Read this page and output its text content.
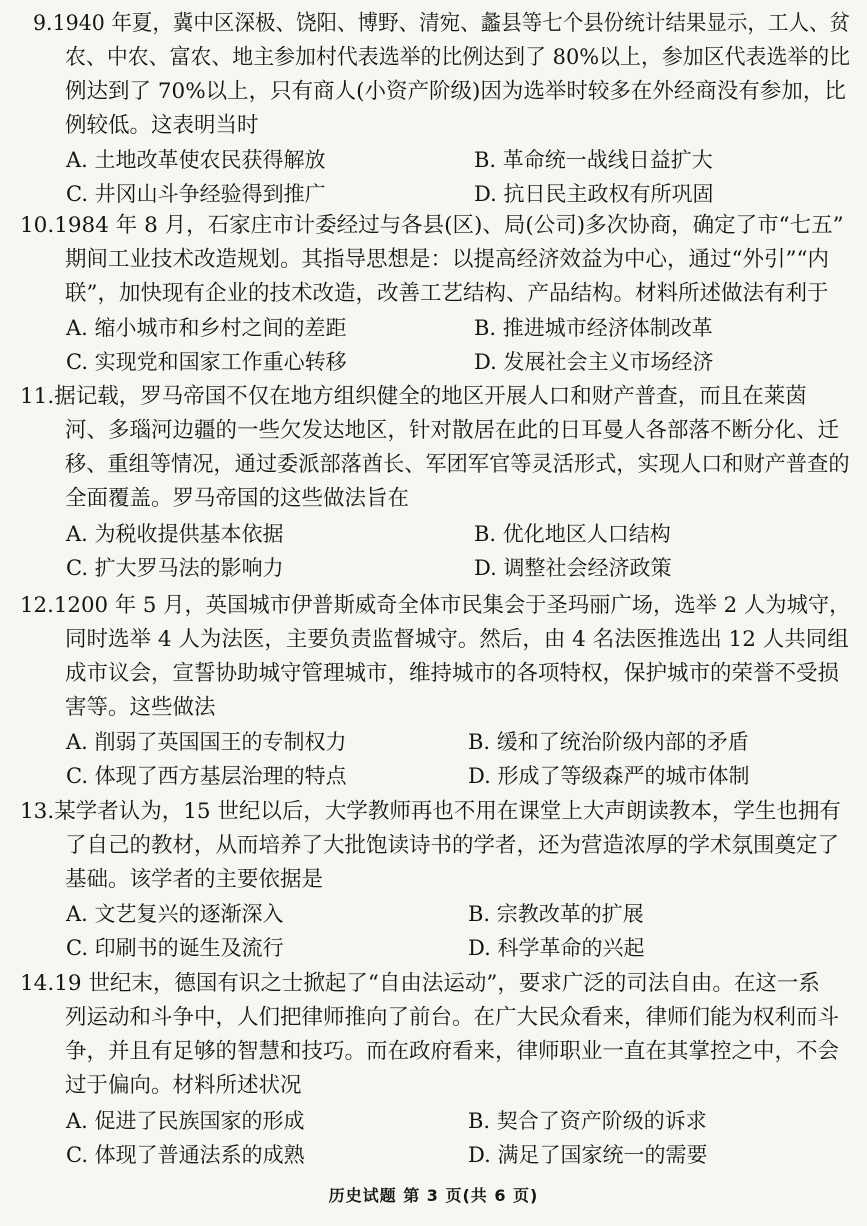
9.1940 年夏，冀中区深极、饶阳、博野、清宛、蠡县等七个县份统计结果显示，工人、贫
农、中农、富农、地主参加村代表选举的比例达到了 80%以上，参加区代表选举的比
例达到了 70%以上，只有商人(小资产阶级)因为选举时较多在外经商没有参加，比
例较低。这表明当时
A. 土地改革使农民获得解放	B. 革命统一战线日益扩大
C. 井冈山斗争经验得到推广	D. 抗日民主政权有所巩固
10.1984 年 8 月，石家庄市计委经过与各县(区)、局(公司)多次协商，确定了市“七五”
期间工业技术改造规划。其指导思想是：以提高经济效益为中心，通过“外引”“内
联”，加快现有企业的技术改造，改善工艺结构、产品结构。材料所述做法有利于
A. 缩小城市和乡村之间的差距	B. 推进城市经济体制改革
C. 实现党和国家工作重心转移	D. 发展社会主义市场经济
11.据记载，罗马帝国不仅在地方组织健全的地区开展人口和财产普查，而且在莱茵
河、多瑙河边疆的一些欠发达地区，针对散居在此的日耳曼人各部落不断分化、迁
移、重组等情况，通过委派部落酋长、军团军官等灵活形式，实现人口和财产普查的
全面覆盖。罗马帝国的这些做法旨在
A. 为税收提供基本依据	B. 优化地区人口结构
C. 扩大罗马法的影响力	D. 调整社会经济政策
12.1200 年 5 月，英国城市伊普斯威奇全体市民集会于圣玛丽广场，选举 2 人为城守，
同时选举 4 人为法医，主要负责监督城守。然后，由 4 名法医推选出 12 人共同组
成市议会，宣誓协助城守管理城市，维持城市的各项特权，保护城市的荣誉不受损
害等。这些做法
A. 削弱了英国国王的专制权力	B. 缓和了统治阶级内部的矛盾
C. 体现了西方基层治理的特点	D. 形成了等级森严的城市体制
13.某学者认为，15 世纪以后，大学教师再也不用在课堂上大声朗读教本，学生也拥有
了自己的教材，从而培养了大批饱读诗书的学者，还为营造浓厚的学术氛围奠定了
基础。该学者的主要依据是
A. 文艺复兴的逐渐深入	B. 宗教改革的扩展
C. 印刷书的诞生及流行	D. 科学革命的兴起
14.19 世纪末，德国有识之士掀起了“自由法运动”，要求广泛的司法自由。在这一系
列运动和斗争中，人们把律师推向了前台。在广大民众看来，律师们能为权利而斗
争，并且有足够的智慧和技巧。而在政府看来，律师职业一直在其掌控之中，不会
过于偏向。材料所述状况
A. 促进了民族国家的形成	B. 契合了资产阶级的诉求
C. 体现了普通法系的成熟	D. 满足了国家统一的需要
历史试题 第 3 页(共 6 页)
